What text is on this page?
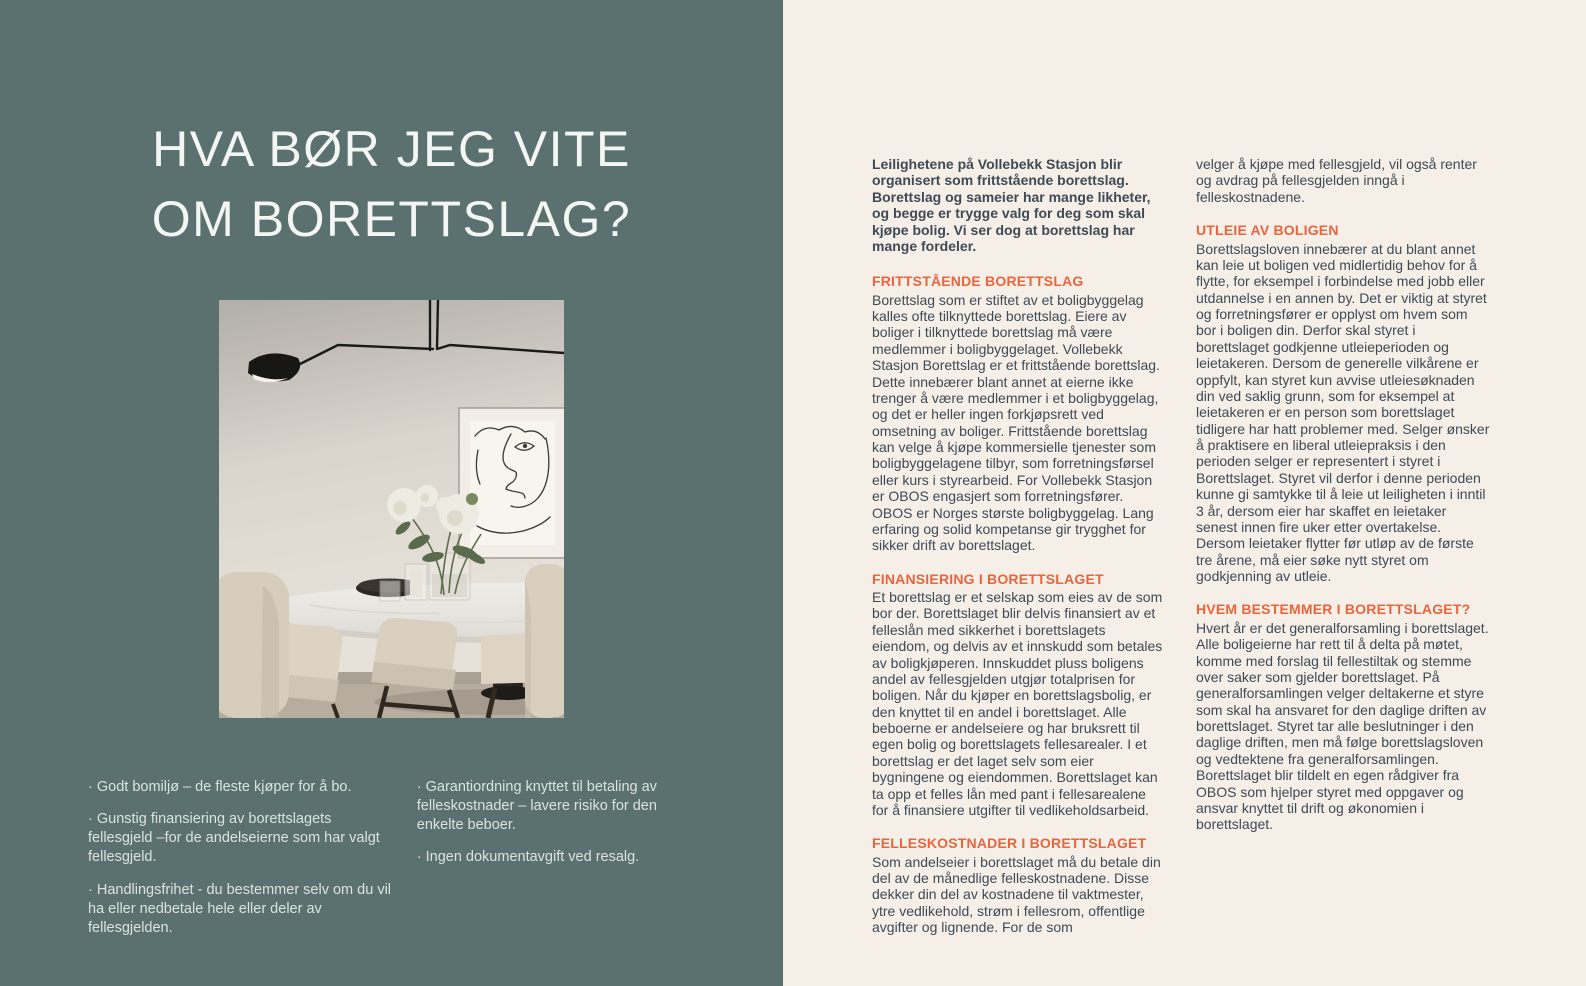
HVA BØR JEG VITE
OM BORETTSLAG?

· Godt bomiljø – de fleste kjøper for å bo.

· Gunstig finansiering av borettslagets fellesgjeld –for de andelseierne som har valgt fellesgjeld.

· Handlingsfrihet - du bestemmer selv om du vil ha eller nedbetale hele eller deler av fellesgjelden.

· Garantiordning knyttet til betaling av felleskostnader – lavere risiko for den enkelte beboer.

· Ingen dokumentavgift ved resalg.

Leilighetene på Vollebekk Stasjon blir organisert som frittstående borettslag. Borettslag og sameier har mange likheter, og begge er trygge valg for deg som skal kjøpe bolig. Vi ser dog at borettslag har mange fordeler.

FRITTSTÅENDE BORETTSLAG

Borettslag som er stiftet av et boligbyggelag kalles ofte tilknyttede borettslag. Eiere av boliger i tilknyttede borettslag må være medlemmer i boligbyggelaget. Vollebekk Stasjon Borettslag er et frittstående borettslag. Dette innebærer blant annet at eierne ikke trenger å være medlemmer i et boligbyggelag, og det er heller ingen forkjøpsrett ved omsetning av boliger. Frittstående borettslag kan velge å kjøpe kommersielle tjenester som boligbyggelagene tilbyr, som forretningsførsel eller kurs i styrearbeid. For Vollebekk Stasjon er OBOS engasjert som forretningsfører. OBOS er Norges største boligbyggelag. Lang erfaring og solid kompetanse gir trygghet for sikker drift av borettslaget.

FINANSIERING I BORETTSLAGET

Et borettslag er et selskap som eies av de som bor der. Borettslaget blir delvis finansiert av et felleslån med sikkerhet i borettslagets eiendom, og delvis av et innskudd som betales av boligkjøperen. Innskuddet pluss boligens andel av fellesgjelden utgjør totalprisen for boligen. Når du kjøper en borettslagsbolig, er den knyttet til en andel i borettslaget. Alle beboerne er andelseiere og har bruksrett til egen bolig og borettslagets fellesarealer. I et borettslag er det laget selv som eier bygningene og eiendommen. Borettslaget kan ta opp et felles lån med pant i fellesarealene for å finansiere utgifter til vedlikeholdsarbeid.

FELLESKOSTNADER I BORETTSLAGET

Som andelseier i borettslaget må du betale din del av de månedlige felleskostnadene. Disse dekker din del av kostnadene til vaktmester, ytre vedlikehold, strøm i fellesrom, offentlige avgifter og lignende. For de som

velger å kjøpe med fellesgjeld, vil også renter og avdrag på fellesgjelden inngå i felleskostnadene.

UTLEIE AV BOLIGEN

Borettslagsloven innebærer at du blant annet kan leie ut boligen ved midlertidig behov for å flytte, for eksempel i forbindelse med jobb eller utdannelse i en annen by. Det er viktig at styret og forretningsfører er opplyst om hvem som bor i boligen din. Derfor skal styret i borettslaget godkjenne utleieperioden og leietakeren. Dersom de generelle vilkårene er oppfylt, kan styret kun avvise utleiesøknaden din ved saklig grunn, som for eksempel at leietakeren er en person som borettslaget tidligere har hatt problemer med. Selger ønsker å praktisere en liberal utleiepraksis i den perioden selger er representert i styret i Borettslaget. Styret vil derfor i denne perioden kunne gi samtykke til å leie ut leiligheten i inntil 3 år, dersom eier har skaffet en leietaker senest innen fire uker etter overtakelse. Dersom leietaker flytter før utløp av de første tre årene, må eier søke nytt styret om godkjenning av utleie.

HVEM BESTEMMER I BORETTSLAGET?

Hvert år er det generalforsamling i borettslaget. Alle boligeierne har rett til å delta på møtet, komme med forslag til fellestiltak og stemme over saker som gjelder borettslaget. På generalforsamlingen velger deltakerne et styre som skal ha ansvaret for den daglige driften av borettslaget. Styret tar alle beslutninger i den daglige driften, men må følge borettslagsloven og vedtektene fra generalforsamlingen. Borettslaget blir tildelt en egen rådgiver fra OBOS som hjelper styret med oppgaver og ansvar knyttet til drift og økonomien i borettslaget.
